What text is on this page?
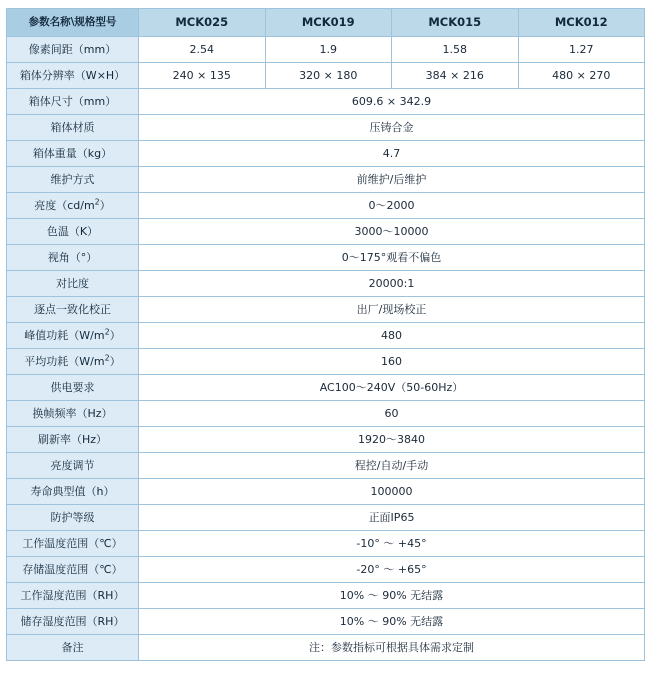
参数名称\规格型号	MCK025	MCK019	MCK015	MCK012
像素间距（mm）	2.54	1.9	1.58	1.27
箱体分辨率（W×H）	240 × 135	320 × 180	384 × 216	480 × 270
箱体尺寸（mm）	609.6 × 342.9			
箱体材质	压铸合金			
箱体重量（kg）	4.7			
维护方式	前维护/后维护			
亮度$(cd/m^2)$	0～2000			
色温（K）	3000～10000			
视角（°）	0～175°观看不偏色			
对比度	20000:1			
逐点一致化校正	出厂/现场校正			
峰值功耗$(W/m^2)$	480			
平均功耗$(W/m^2)$	160			
供电要求	AC100～240V（50-60Hz）			
换帧频率（Hz）	60			
刷新率（Hz）	1920～3840			
亮度调节	程控/自动/手动			
寿命典型值（h）	100000			
防护等级	正面IP65			
工作温度范围（℃）	-10° ～ +45°			
存储温度范围（℃）	-20° ～ +65°			
工作湿度范围（RH）	10% ～ 90% 无结露			
储存湿度范围（RH）	10% ～ 90% 无结露			
备注	注：参数指标可根据具体需求定制			
